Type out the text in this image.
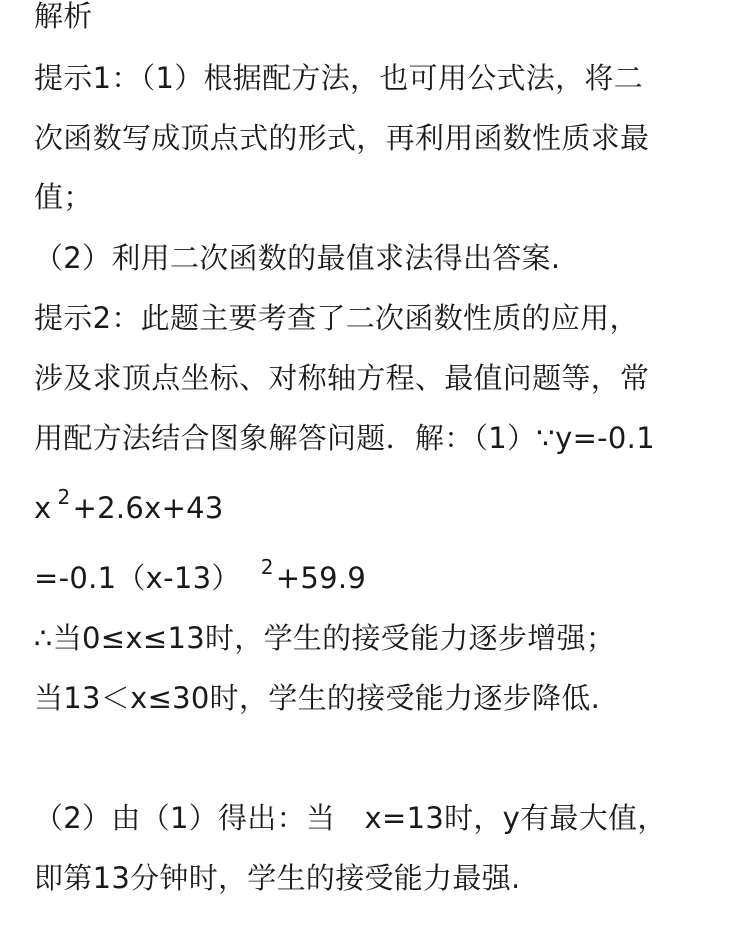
解析
提示1：（1）根据配方法，也可用公式法，将二
次函数写成顶点式的形式，再利用函数性质求最
值；
（2）利用二次函数的最值求法得出答案.
提示2：此题主要考查了二次函数性质的应用，
涉及求顶点坐标、对称轴方程、最值问题等，常
用配方法结合图象解答问题．解：（1）∵y=-0.1
x $^2$+2.6x+43
=-0.1（x-13） $^2$+59.9
∴当0≤x≤13时，学生的接受能力逐步增强；
当13＜x≤30时，学生的接受能力逐步降低.
（2）由（1）得出：当　x=13时，y有最大值，
即第13分钟时，学生的接受能力最强.
